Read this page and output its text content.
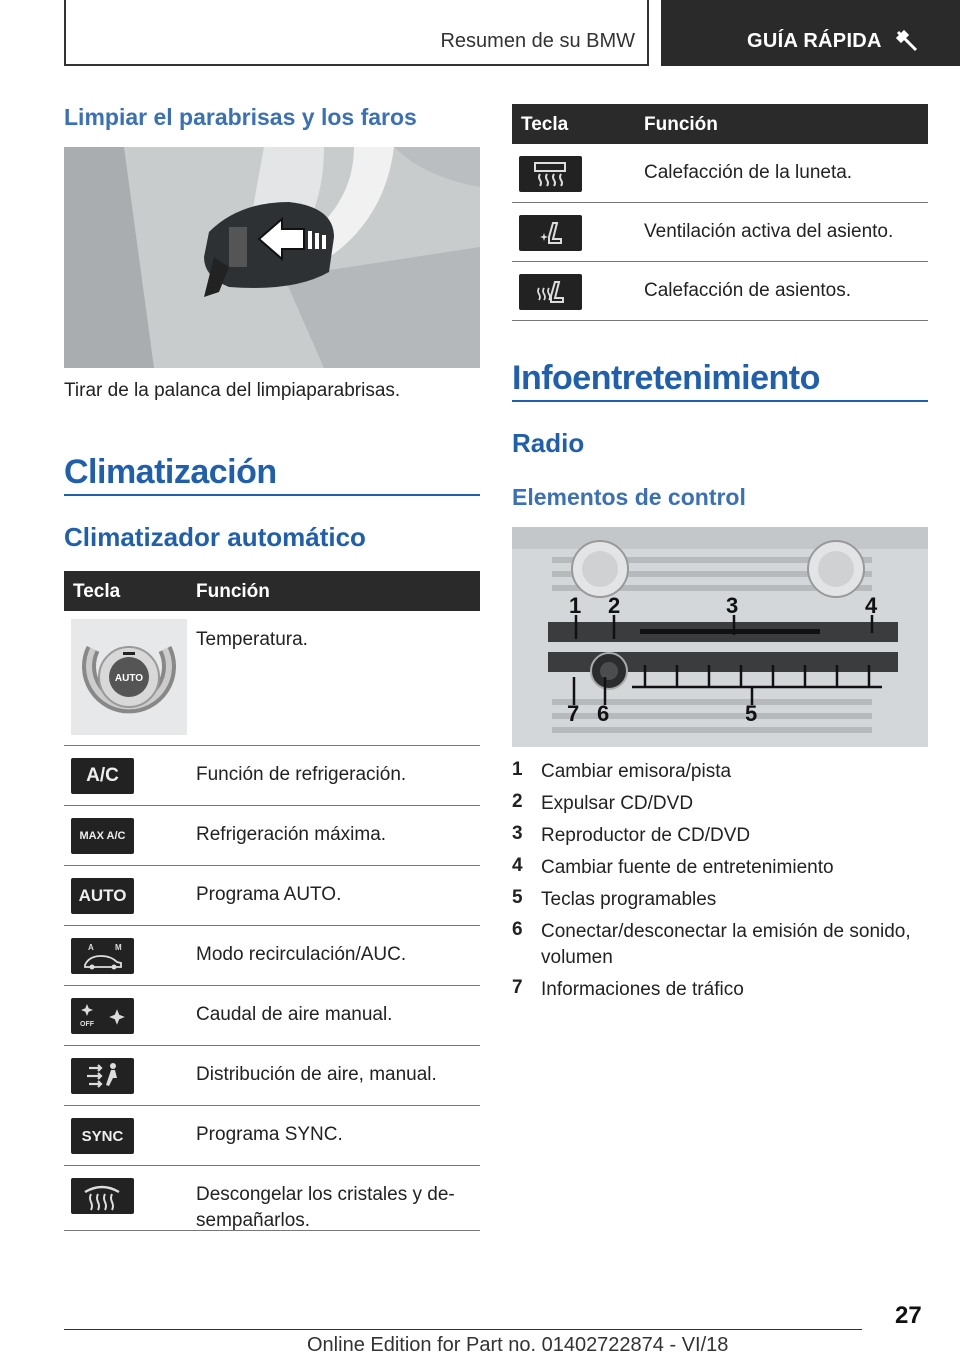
Resumen de su BMW	GUÍA RÁPIDA
Limpiar el parabrisas y los faros
Tirar de la palanca del limpiaparabrisas.
Climatización
Climatizador automático
Tecla	Función
AUTO
Temperatura.
A/C	Función de refrigeración.
MAX A/C	Refrigeración máxima.
AUTO	Programa AUTO.
A	M	Modo recirculación/AUC.
OFF	Caudal de aire manual.
Distribución de aire, manual.
SYNC	Programa SYNC.
Descongelar los cristales y de-sempañarlos.
Tecla	Función
Calefacción de la luneta.
Ventilación activa del asiento.
Calefacción de asientos.
Infoentretenimiento
Radio
Elementos de control
1 2	3	4
5
6
7
1 Cambiar emisora/pista
2 Expulsar CD/DVD
3 Reproductor de CD/DVD
4 Cambiar fuente de entretenimiento
5 Teclas programables
6 Conectar/desconectar la emisión de sonido, volumen
7 Informaciones de tráfico
27
Online Edition for Part no. 01402722874 - VI/18
